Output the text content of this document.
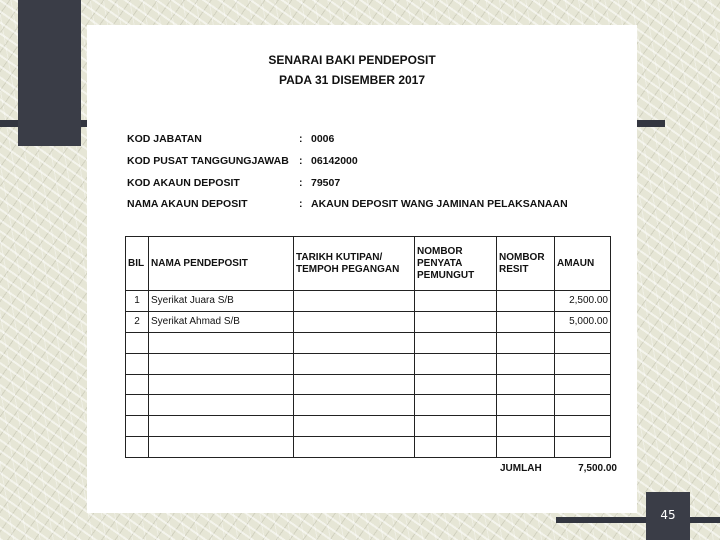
SENARAI BAKI PENDEPOSIT
PADA 31 DISEMBER 2017
KOD JABATAN	: 0006
KOD PUSAT TANGGUNGJAWAB : 06142000
KOD AKAUN DEPOSIT	: 79507
NAMA AKAUN DEPOSIT	: AKAUN DEPOSIT WANG JAMINAN PELAKSANAAN
BIL	NAMA PENDEPOSIT	TARIKH KUTIPAN/ TEMPOH PEGANGAN	NOMBOR PENYATA PEMUNGUT	NOMBOR RESIT	AMAUN
1	Syerikat Juara S/B				2,500.00
2	Syerikat Ahmad S/B				5,000.00

JUMLAH	7,500.00
45
